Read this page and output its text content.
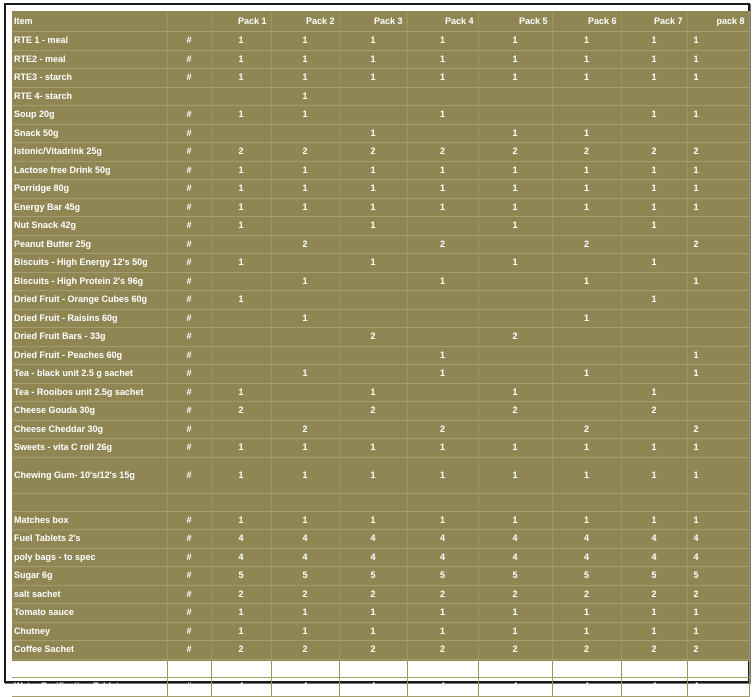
Item		Pack 1	Pack 2	Pack 3	Pack 4	Pack 5	Pack 6	Pack 7	pack 8
RTE 1 - meal	#	1	1	1	1	1	1	1	1
RTE2 - meal	#	1	1	1	1	1	1	1	1
RTE3 - starch	#	1	1	1	1	1	1	1	1
RTE 4- starch			1						
Soup 20g	#	1	1		1			1	1
Snack 50g	#			1		1	1		
Istonic/Vitadrink 25g	#	2	2	2	2	2	2	2	2
Lactose free Drink 50g	#	1	1	1	1	1	1	1	1
Porridge 80g	#	1	1	1	1	1	1	1	1
Energy Bar 45g	#	1	1	1	1	1	1	1	1
Nut Snack 42g	#	1		1		1		1	
Peanut Butter 25g	#		2		2		2		2
Biscuits - High Energy 12's 50g	#	1		1		1		1	
Biscuits - High Protein 2's 96g	#		1		1		1		1
Dried Fruit - Orange Cubes 60g	#	1						1	
Dried Fruit - Raisins 60g	#		1				1		
Dried Fruit Bars - 33g	#			2		2			
Dried Fruit - Peaches 60g	#				1				1
Tea - black unit 2.5 g sachet	#		1		1		1		1
Tea - Rooibos unit 2.5g sachet	#	1		1		1		1	
Cheese Gouda 30g	#	2		2		2		2	
Cheese Cheddar 30g	#		2		2		2		2
Sweets - vita C roll 26g	#	1	1	1	1	1	1	1	1
Chewing Gum- 10's/12's 15g	#	1	1	1	1	1	1	1	1

Matches box	#	1	1	1	1	1	1	1	1
Fuel Tablets 2's	#	4	4	4	4	4	4	4	4
poly bags - to spec	#	4	4	4	4	4	4	4	4
Sugar 6g	#	5	5	5	5	5	5	5	5
salt sachet	#	2	2	2	2	2	2	2	2
Tomato sauce	#	1	1	1	1	1	1	1	1
Chutney	#	1	1	1	1	1	1	1	1
Coffee Sachet	#	2	2	2	2	2	2	2	2
Creamer sachet	#	6	6	6	6	6	6	6	6
Water Purification Tablets	#	4	4	4	4	4	4	4	4
